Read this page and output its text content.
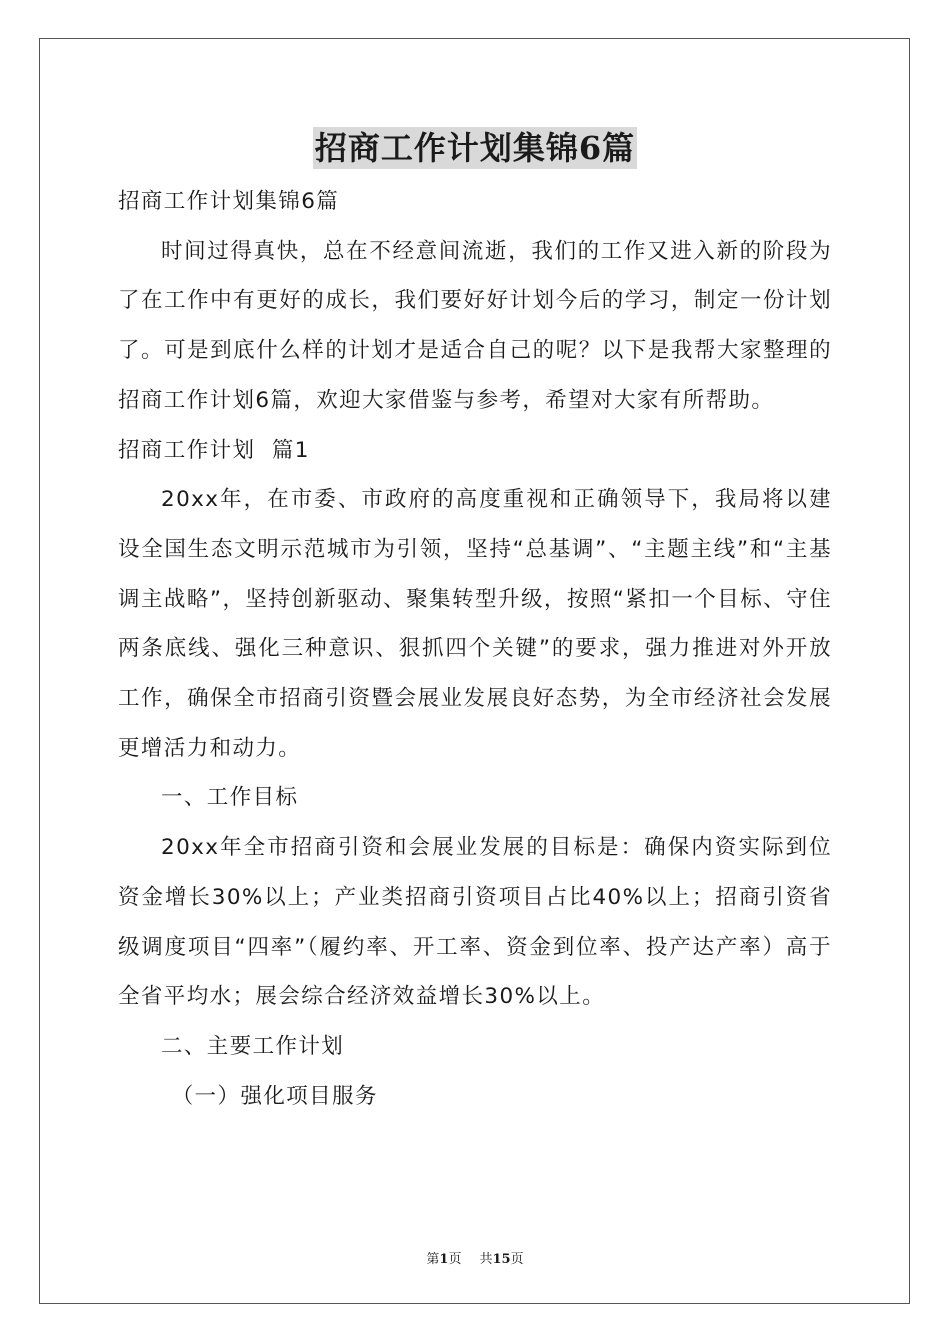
招商工作计划集锦6篇

招商工作计划集锦6篇

时间过得真快，总在不经意间流逝，我们的工作又进入新的阶段为了在工作中有更好的成长，我们要好好计划今后的学习，制定一份计划了。可是到底什么样的计划才是适合自己的呢？以下是我帮大家整理的招商工作计划6篇，欢迎大家借鉴与参考，希望对大家有所帮助。

招商工作计划  篇1

20xx年，在市委、市政府的高度重视和正确领导下，我局将以建设全国生态文明示范城市为引领，坚持“总基调”、“主题主线”和“主基调主战略”，坚持创新驱动、聚集转型升级，按照“紧扣一个目标、守住两条底线、强化三种意识、狠抓四个关键”的要求，强力推进对外开放工作，确保全市招商引资暨会展业发展良好态势，为全市经济社会发展更增活力和动力。

一、工作目标

20xx年全市招商引资和会展业发展的目标是：确保内资实际到位资金增长30%以上；产业类招商引资项目占比40%以上；招商引资省级调度项目“四率”（履约率、开工率、资金到位率、投产达产率）高于全省平均水；展会综合经济效益增长30%以上。

二、主要工作计划

（一）强化项目服务

第1页 共15页
